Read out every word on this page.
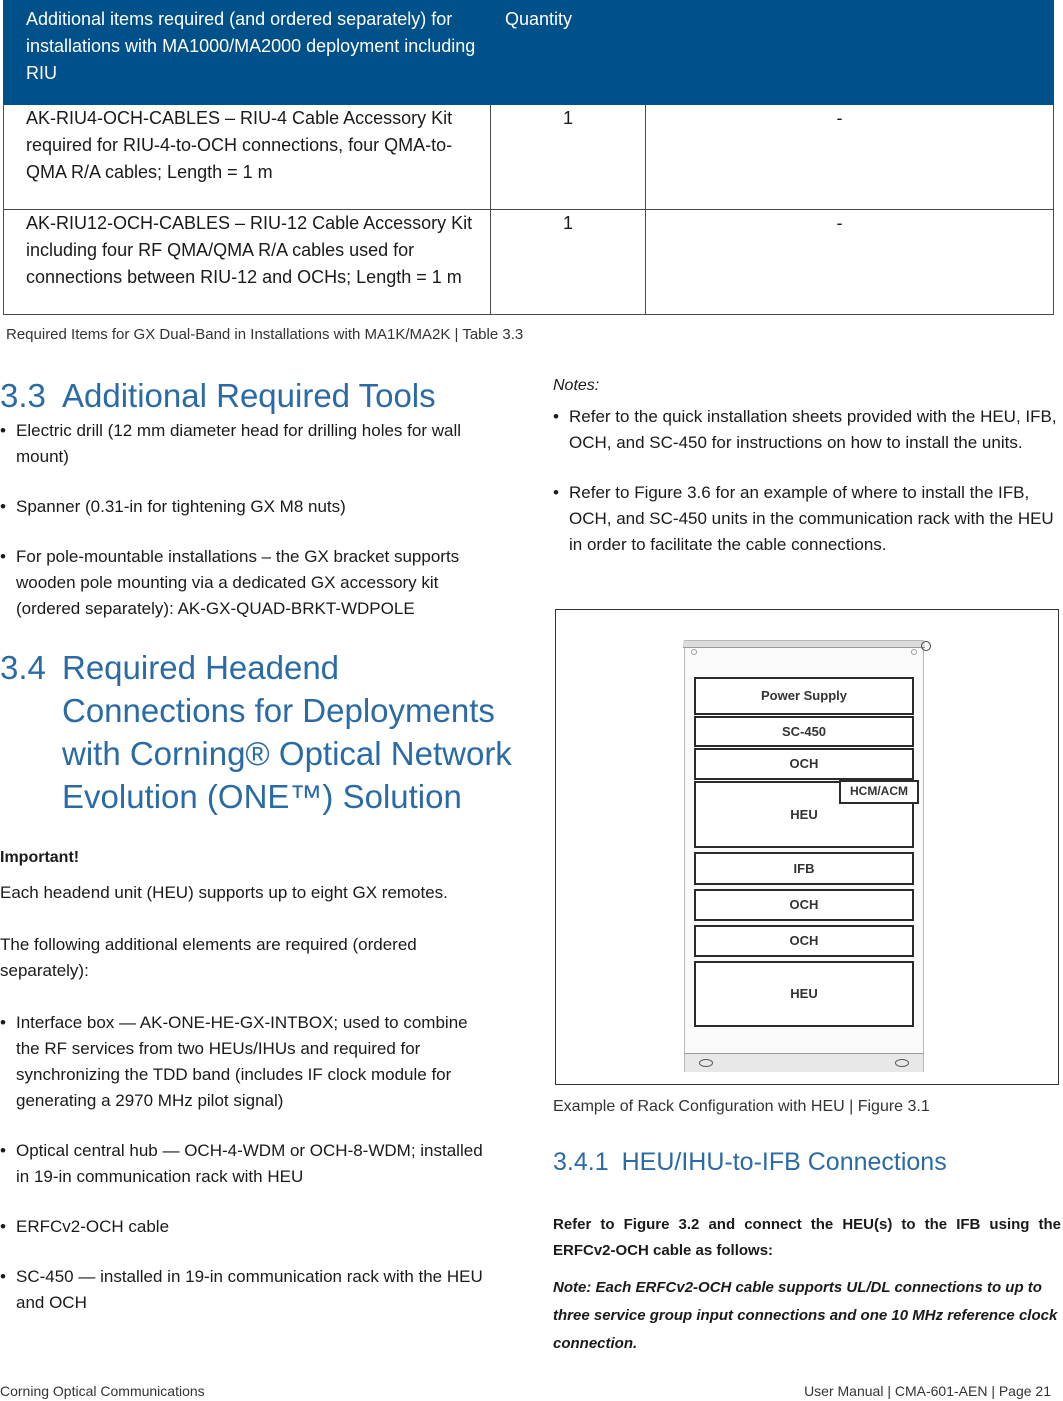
Additional items required (and ordered separately) for installations with MA1000/MA2000 deployment including RIU	Quantity	
AK-RIU4-OCH-CABLES – RIU-4 Cable Accessory Kit required for RIU-4-to-OCH connections, four QMA-to-QMA R/A cables; Length = 1 m	1	-
AK-RIU12-OCH-CABLES – RIU-12 Cable Accessory Kit including four RF QMA/QMA R/A cables used for connections between RIU-12 and OCHs; Length = 1 m	1	-
Required Items for GX Dual-Band in Installations with MA1K/MA2K | Table 3.3
3.3 Additional Required Tools
• Electric drill (12 mm diameter head for drilling holes for wall mount)
• Spanner (0.31-in for tightening GX M8 nuts)
• For pole-mountable installations – the GX bracket supports wooden pole mounting via a dedicated GX accessory kit (ordered separately): AK-GX-QUAD-BRKT-WDPOLE
3.4 Required Headend
Connections for Deployments
with Corning® Optical Network
Evolution (ONE™) Solution
Important!
Each headend unit (HEU) supports up to eight GX remotes.
The following additional elements are required (ordered separately):
• Interface box — AK-ONE-HE-GX-INTBOX; used to combine the RF services from two HEUs/IHUs and required for synchronizing the TDD band (includes IF clock module for generating a 2970 MHz pilot signal)
• Optical central hub — OCH-4-WDM or OCH-8-WDM; installed in 19-in communication rack with HEU
• ERFCv2-OCH cable
• SC-450 — installed in 19-in communication rack with the HEU and OCH
Notes:
• Refer to the quick installation sheets provided with the HEU, IFB, OCH, and SC-450 for instructions on how to install the units.
• Refer to Figure 3.6 for an example of where to install the IFB, OCH, and SC-450 units in the communication rack with the HEU in order to facilitate the cable connections.
Power Supply
SC-450
OCH
HEU
HCM/ACM
IFB
OCH
OCH
HEU
Example of Rack Configuration with HEU | Figure 3.1
3.4.1 HEU/IHU-to-IFB Connections
Refer to Figure 3.2 and connect the HEU(s) to the IFB using the ERFCv2-OCH cable as follows:
Note: Each ERFCv2-OCH cable supports UL/DL connections to up to three service group input connections and one 10 MHz reference clock connection.
Corning Optical Communications	User Manual | CMA-601-AEN | Page 21
